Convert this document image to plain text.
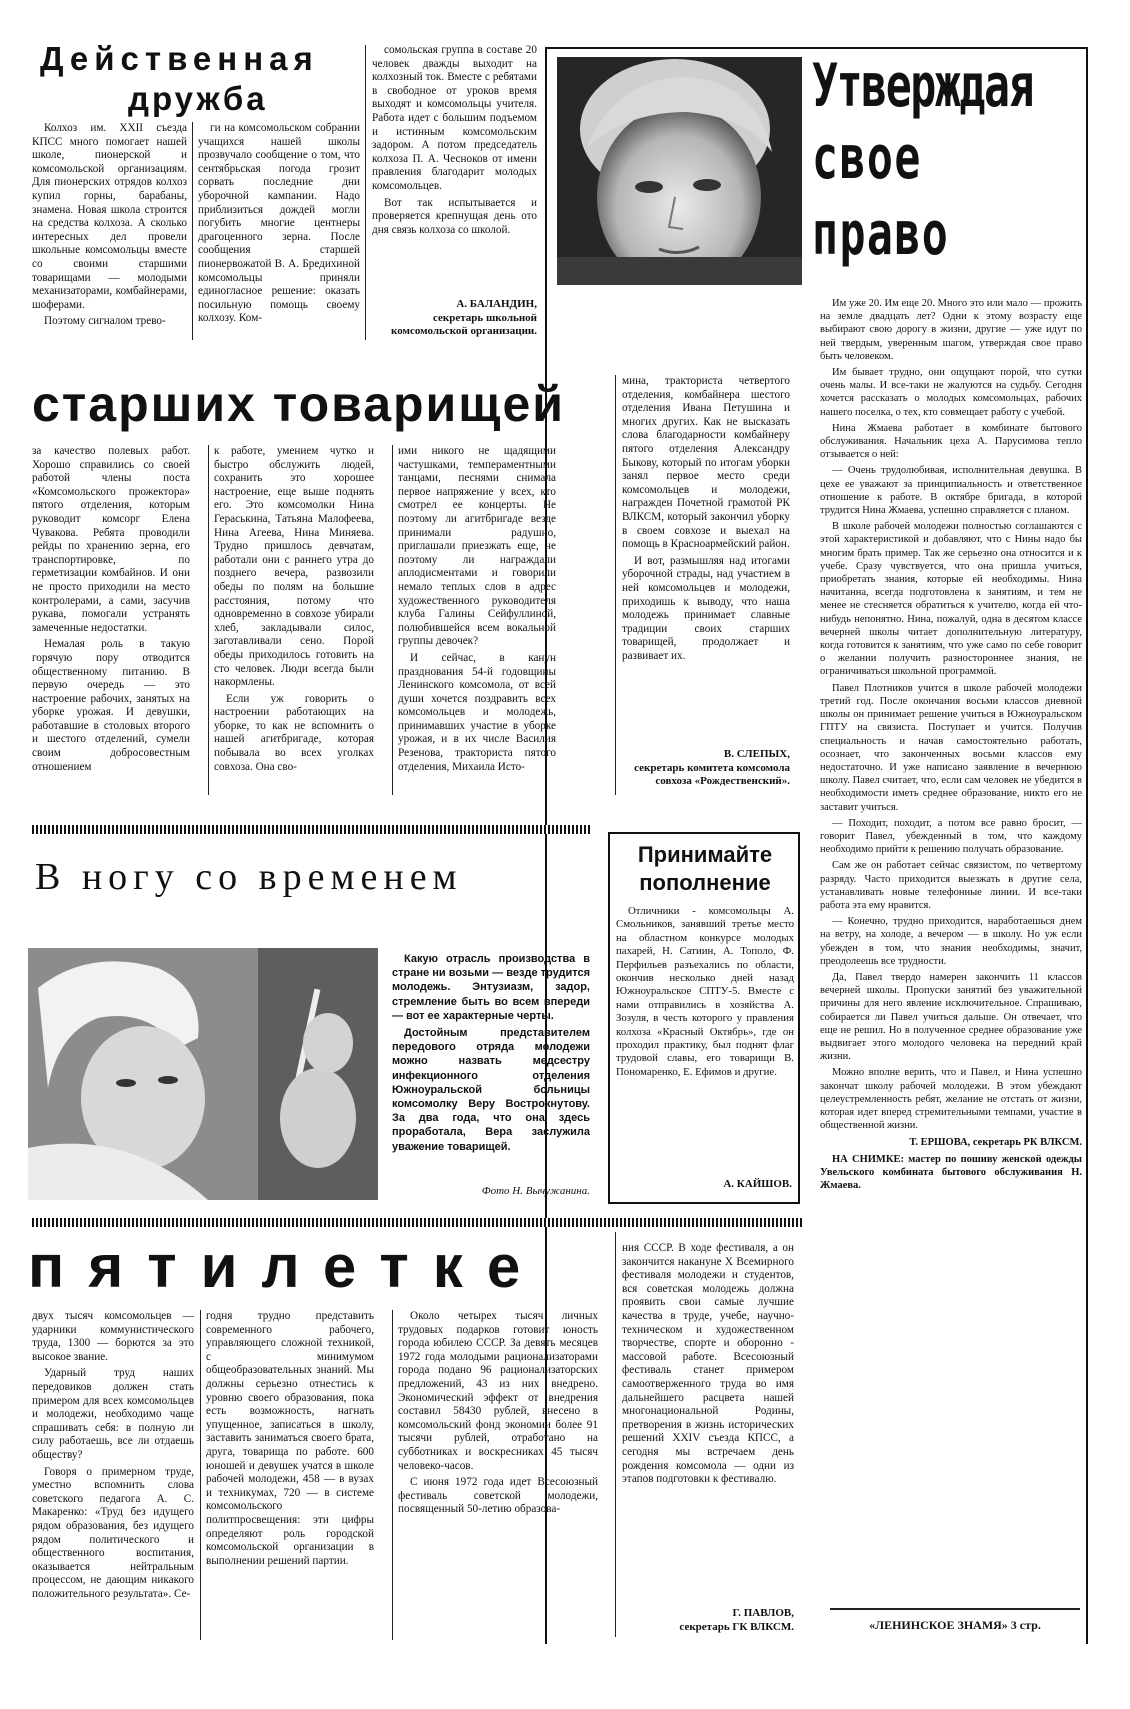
Действенная
дружба

Колхоз им. XXII съезда КПСС много помогает нашей школе, пионерской и комсомольской организациям. Для пионерских отрядов колхоз купил горны, барабаны, знамена. Новая школа строится на средства колхоза. А сколько интересных дел провели школьные комсомольцы вместе со своими старшими товарищами — молодыми механизаторами, комбайнерами, шоферами.

Поэтому сигналом трево-

ги на комсомольском собрании учащихся нашей школы прозвучало сообщение о том, что сентябрьская погода грозит сорвать последние дни уборочной кампании. Надо приблизиться дождей могли погубить многие центнеры драгоценного зерна. После сообщения старшей пионервожатой В. А. Бредихиной комсомольцы приняли единогласное решение: оказать посильную помощь своему колхозу. Ком-

сомольская группа в составе 20 человек дважды выходит на колхозный ток. Вместе с ребятами в свободное от уроков время выходят и комсомольцы учителя. Работа идет с большим подъемом и истинным комсомольским задором. А потом председатель колхоза П. А. Чесноков от имени правления благодарит молодых комсомольцев.

Вот так испытывается и проверяется крепнущая день ото дня связь колхоза со школой.

А. БАЛАНДИН,
секретарь школьной комсомольской организации.
Утверждая
свое
право

Им уже 20. Им еще 20. Много это или мало — прожить на земле двадцать лет? Одни к этому возрасту еще выбирают свою дорогу в жизни, другие — уже идут по ней твердым, уверенным шагом, утверждая свое право быть человеком.

Им бывает трудно, они ощущают порой, что сутки очень малы. И все-таки не жалуются на судьбу. Сегодня хочется рассказать о молодых комсомольцах, рабочих нашего поселка, о тех, кто совмещает работу с учебой.

Нина Жмаева работает в комбинате бытового обслуживания. Начальник цеха А. Парусимова тепло отзывается о ней:

— Очень трудолюбивая, исполнительная девушка. В цехе ее уважают за принципиальность и ответственное отношение к работе. В октябре бригада, в которой трудится Нина Жмаева, успешно справляется с планом.

В школе рабочей молодежи полностью соглашаются с этой характеристикой и добавляют, что с Нины надо бы многим брать пример. Так же серьезно она относится и к учебе. Сразу чувствуется, что она пришла учиться, приобретать знания, которые ей необходимы. Нина начитанна, всегда подготовлена к занятиям, и тем не менее не стесняется обратиться к учителю, когда ей что-нибудь непонятно. Нина, пожалуй, одна в десятом классе вечерней школы читает дополнительную литературу, когда готовится к занятиям, что уже само по себе говорит о желании получить разностороннее знания, не ограничиваться школьной программой.

Павел Плотников учится в школе рабочей молодежи третий год. После окончания восьми классов дневной школы он принимает решение учиться в Южноуральском ГПТУ на связиста. Поступает и учится. Получив специальность и начав самостоятельно работать, осознает, что законченных восьми классов ему недостаточно. И уже написано заявление в вечернюю школу. Павел считает, что, если сам человек не убедится в необходимости иметь среднее образование, никто его не заставит учиться.

— Походит, походит, а потом все равно бросит, — говорит Павел, убежденный в том, что каждому необходимо прийти к решению получать образование.

Сам же он работает сейчас связистом, по четвертому разряду. Часто приходится выезжать в другие села, устанавливать новые телефонные линии. И все-таки работа эта ему нравится.

— Конечно, трудно приходится, наработаешься днем на ветру, на холоде, а вечером — в школу. Но уж если убежден в том, что знания необходимы, значит, преодолеешь все трудности.

Да, Павел твердо намерен закончить 11 классов вечерней школы. Пропуски занятий без уважительной причины для него явление исключительное. Спрашиваю, собирается ли Павел учиться дальше. Он отвечает, что еще не решил. Но в полученное среднее образование уже выдвигает этого молодого человека на передний край жизни.

Можно вполне верить, что и Павел, и Нина успешно закончат школу рабочей молодежи. В этом убеждают целеустремленность ребят, желание не отстать от жизни, которая идет вперед стремительными темпами, участие в общественной жизни.

Т. ЕРШОВА, секретарь РК ВЛКСМ.

НА СНИМКЕ: мастер по пошиву женской одежды Увельского комбината бытового обслуживания Н. Жмаева.

старших товарищей

за качество полевых работ. Хорошо справились со своей работой члены поста «Комсомольского прожектора» пятого отделения, которым руководит комсорг Елена Чувакова. Ребята проводили рейды по хранению зерна, его транспортировке, по герметизации комбайнов. И они не просто приходили на место контролерами, а сами, засучив рукава, помогали устранять замеченные недостатки.

Немалая роль в такую горячую пору отводится общественному питанию. В первую очередь — это настроение рабочих, занятых на уборке урожая. И девушки, работавшие в столовых второго и шестого отделений, сумели своим добросовестным отношением

к работе, умением чутко и быстро обслужить людей, сохранить это хорошее настроение, еще выше поднять его. Это комсомолки Нина Гераськина, Татьяна Малофеева, Нина Агеева, Нина Миняева. Трудно пришлось девчатам, работали они с раннего утра до позднего вечера, развозили обеды по полям на большие расстояния, потому что одновременно в совхозе убирали хлеб, закладывали силос, заготавливали сено. Порой обеды приходилось готовить на сто человек. Люди всегда были накормлены.

Если уж говорить о настроении работающих на уборке, то как не вспомнить о нашей агитбригаде, которая побывала во всех уголках совхоза. Она сво-

ими никого не щадящими частушками, темпераментными танцами, песнями снимала первое напряжение у всех, кто смотрел ее концерты. Не поэтому ли агитбригаде везде принимали радушно, приглашали приезжать еще, не поэтому ли награждали аплодисментами и говорили немало теплых слов в адрес художественного руководителя клуба Галины Сейфуллиной, полюбившейся всем вокальной группы девочек?

И сейчас, в канун празднования 54-й годовщины Ленинского комсомола, от всей души хочется поздравить всех комсомольцев и молодежь, принимавших участие в уборке урожая, и в их числе Василия Резенова, тракториста пятого отделения, Михаила Исто-

мина, тракториста четвертого отделения, комбайнера шестого отделения Ивана Петушина и многих других. Как не высказать слова благодарности комбайнеру пятого отделения Александру Быкову, который по итогам уборки занял первое место среди комсомольцев и молодежи, награжден Почетной грамотой РК ВЛКСМ, который закончил уборку в своем совхозе и выехал на помощь в Красноармейский район.

И вот, размышляя над итогами уборочной страды, над участием в ней комсомольцев и молодежи, приходишь к выводу, что наша молодежь принимает славные традиции своих старших товарищей, продолжает и развивает их.

В. СЛЕПЫХ,
секретарь комитета комсомола совхоза «Рождественский».
В ногу со временем

Какую отрасль производства в стране ни возьми — везде трудится молодежь. Энтузиазм, задор, стремление быть во всем впереди — вот ее характерные черты.

Достойным представителем передового отряда молодежи можно назвать медсестру инфекционного отделения Южноуральской больницы комсомолку Веру Вострокнутову. За два года, что она здесь проработала, Вера заслужила уважение товарищей.

Фото Н. Вычужанина.
Принимайте
пополнение

Отличники - комсомольцы А. Смольников, занявший третье место на областном конкурсе молодых пахарей, Н. Сатиин, А. Тополо, Ф. Перфильев разъехались по области, окончив несколько дней назад Южноуральское СПТУ-5. Вместе с нами отправились в хозяйства А. Зозуля, в честь которого у правления колхоза «Красный Октябрь», где он проходил практику, был поднят флаг трудовой славы, его товарищи В. Пономаренко, Е. Ефимов и другие.

А. КАЙШОВ.
пятилетке

двух тысяч комсомольцев — ударники коммунистического труда, 1300 — борются за это высокое звание.

Ударный труд наших передовиков должен стать примером для всех комсомольцев и молодежи, необходимо чаще спрашивать себя: в полную ли силу работаешь, все ли отдаешь обществу?

Говоря о примерном труде, уместно вспомнить слова советского педагога А. С. Макаренко: «Труд без идущего рядом образования, без идущего рядом политического и общественного воспитания, оказывается нейтральным процессом, не дающим никакого положительного результата». Се-

годня трудно представить современного рабочего, управляющего сложной техникой, с минимумом общеобразовательных знаний. Мы должны серьезно отнестись к уровню своего образования, пока есть возможность, нагнать упущенное, записаться в школу, заставить заниматься своего брата, друга, товарища по работе. 600 юношей и девушек учатся в школе рабочей молодежи, 458 — в вузах и техникумах, 720 — в системе комсомольского политпросвещения: эти цифры определяют роль городской комсомольской организации в выполнении решений партии.

Около четырех тысяч личных трудовых подарков готовит юность города юбилею СССР. За девять месяцев 1972 года молодыми рационализаторами города подано 96 рационализаторских предложений, 43 из них внедрено. Экономический эффект от внедрения составил 58430 рублей, внесено в комсомольский фонд экономии более 91 тысячи рублей, отработано на субботниках и воскресниках 45 тысяч человеко-часов.

С июня 1972 года идет Всесоюзный фестиваль советской молодежи, посвященный 50-летию образова-

ния СССР. В ходе фестиваля, а он закончится накануне X Всемирного фестиваля молодежи и студентов, вся советская молодежь должна проявить свои самые лучшие качества в труде, учебе, научно-техническом и художественном творчестве, спорте и оборонно - массовой работе. Всесоюзный фестиваль станет примером самоотверженного труда во имя дальнейшего расцвета нашей многонациональной Родины, претворения в жизнь исторических решений XXIV съезда КПСС, а сегодня мы встречаем день рождения комсомола — одни из этапов подготовки к фестивалю.

Г. ПАВЛОВ,
секретарь ГК ВЛКСМ.	«ЛЕНИНСКОЕ ЗНАМЯ» 3 стр.
